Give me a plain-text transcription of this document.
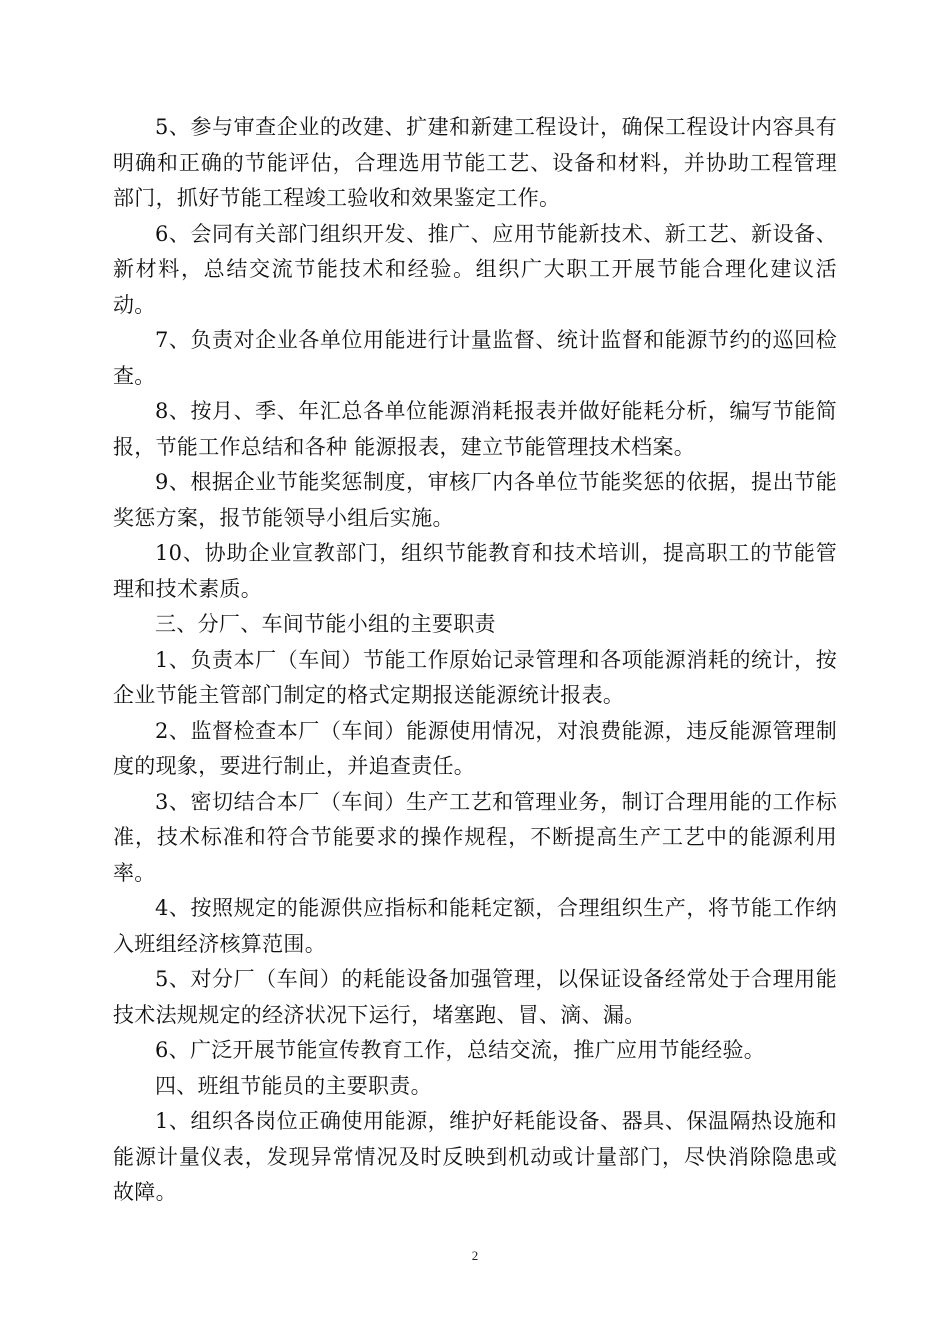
5、参与审查企业的改建、扩建和新建工程设计，确保工程设计内容具有明确和正确的节能评估，合理选用节能工艺、设备和材料，并协助工程管理部门，抓好节能工程竣工验收和效果鉴定工作。

6、会同有关部门组织开发、推广、应用节能新技术、新工艺、新设备、新材料，总结交流节能技术和经验。组织广大职工开展节能合理化建议活动。

7、负责对企业各单位用能进行计量监督、统计监督和能源节约的巡回检查。

8、按月、季、年汇总各单位能源消耗报表并做好能耗分析，编写节能简报，节能工作总结和各种 能源报表，建立节能管理技术档案。

9、根据企业节能奖惩制度，审核厂内各单位节能奖惩的依据，提出节能奖惩方案，报节能领导小组后实施。

10、协助企业宣教部门，组织节能教育和技术培训，提高职工的节能管理和技术素质。

三、分厂、车间节能小组的主要职责

1、负责本厂（车间）节能工作原始记录管理和各项能源消耗的统计，按企业节能主管部门制定的格式定期报送能源统计报表。

2、监督检查本厂（车间）能源使用情况，对浪费能源，违反能源管理制度的现象，要进行制止，并追查责任。

3、密切结合本厂（车间）生产工艺和管理业务，制订合理用能的工作标准，技术标准和符合节能要求的操作规程，不断提高生产工艺中的能源利用率。

4、按照规定的能源供应指标和能耗定额，合理组织生产，将节能工作纳入班组经济核算范围。

5、对分厂（车间）的耗能设备加强管理，以保证设备经常处于合理用能技术法规规定的经济状况下运行，堵塞跑、冒、滴、漏。

6、广泛开展节能宣传教育工作，总结交流，推广应用节能经验。

四、班组节能员的主要职责。

1、组织各岗位正确使用能源，维护好耗能设备、器具、保温隔热设施和能源计量仪表，发现异常情况及时反映到机动或计量部门，尽快消除隐患或故障。

2
